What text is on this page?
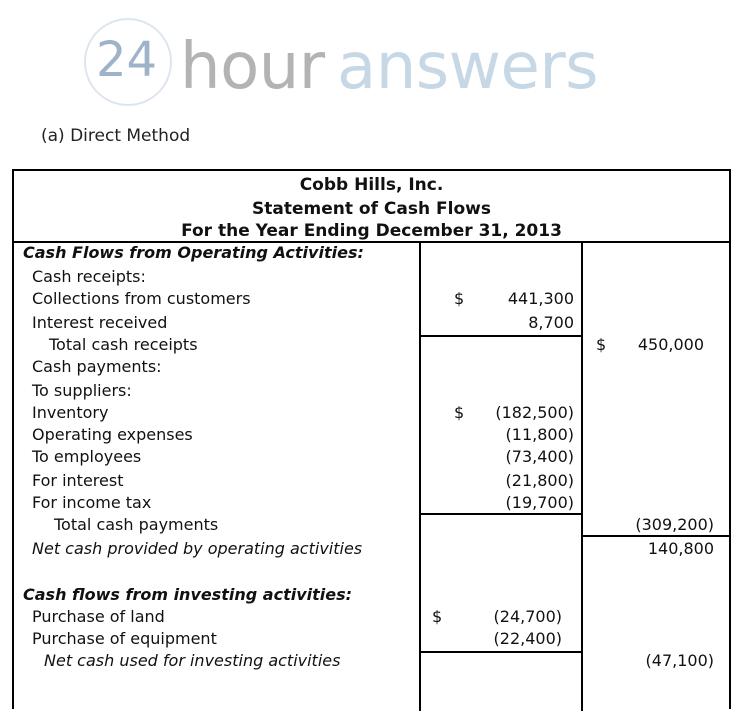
24 hour answers
(a) Direct Method
Cobb Hills, Inc.
Statement of Cash Flows
For the Year Ending December 31, 2013
Cash Flows from Operating Activities:
Cash receipts:
Collections from customers	$	441,300
Interest received	8,700
Total cash receipts	$	450,000
Cash payments:
To suppliers:
Inventory	$	(182,500)
Operating expenses	(11,800)
To employees	(73,400)
For interest	(21,800)
For income tax	(19,700)
Total cash payments	(309,200)
Net cash provided by operating activities	140,800
Cash flows from investing activities:
Purchase of land	$	(24,700)
Purchase of equipment	(22,400)
Net cash used for investing activities	(47,100)
